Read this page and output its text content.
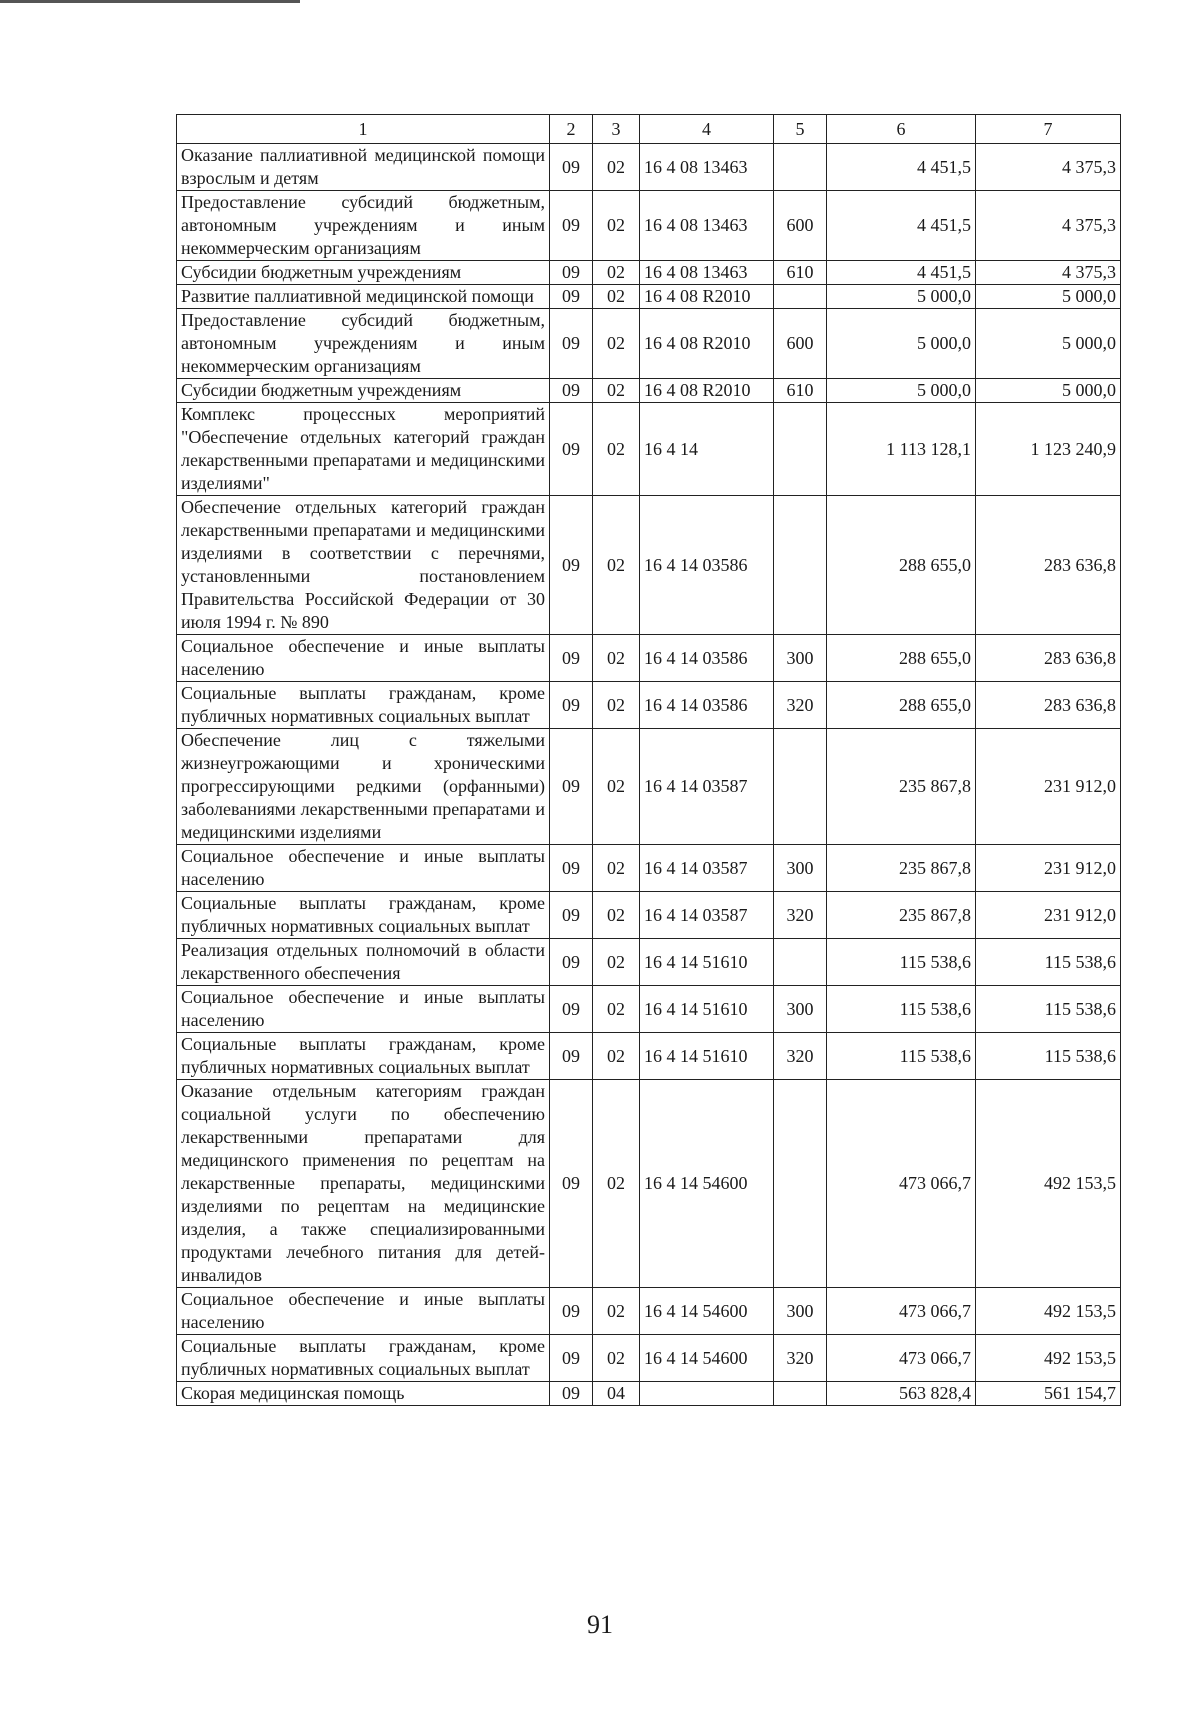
1	2	3	4	5	6	7
Оказание паллиативной медицинской помощи взрослым и детям	09	02	16 4 08 13463		4 451,5	4 375,3
Предоставление субсидий бюджетным, автономным учреждениям и иным некоммерческим организациям	09	02	16 4 08 13463	600	4 451,5	4 375,3
Субсидии бюджетным учреждениям	09	02	16 4 08 13463	610	4 451,5	4 375,3
Развитие паллиативной медицинской помощи	09	02	16 4 08 R2010		5 000,0	5 000,0
Предоставление субсидий бюджетным, автономным учреждениям и иным некоммерческим организациям	09	02	16 4 08 R2010	600	5 000,0	5 000,0
Субсидии бюджетным учреждениям	09	02	16 4 08 R2010	610	5 000,0	5 000,0
Комплекс процессных мероприятий "Обеспечение отдельных категорий граждан лекарственными препаратами и медицинскими изделиями"	09	02	16 4 14		1 113 128,1	1 123 240,9
Обеспечение отдельных категорий граждан лекарственными препаратами и медицинскими изделиями в соответствии с перечнями, установленными постановлением Правительства Российской Федерации от 30 июля 1994 г. № 890	09	02	16 4 14 03586		288 655,0	283 636,8
Социальное обеспечение и иные выплаты населению	09	02	16 4 14 03586	300	288 655,0	283 636,8
Социальные выплаты гражданам, кроме публичных нормативных социальных выплат	09	02	16 4 14 03586	320	288 655,0	283 636,8
Обеспечение лиц с тяжелыми жизнеугрожающими и хроническими прогрессирующими редкими (орфанными) заболеваниями лекарственными препаратами и медицинскими изделиями	09	02	16 4 14 03587		235 867,8	231 912,0
Социальное обеспечение и иные выплаты населению	09	02	16 4 14 03587	300	235 867,8	231 912,0
Социальные выплаты гражданам, кроме публичных нормативных социальных выплат	09	02	16 4 14 03587	320	235 867,8	231 912,0
Реализация отдельных полномочий в области лекарственного обеспечения	09	02	16 4 14 51610		115 538,6	115 538,6
Социальное обеспечение и иные выплаты населению	09	02	16 4 14 51610	300	115 538,6	115 538,6
Социальные выплаты гражданам, кроме публичных нормативных социальных выплат	09	02	16 4 14 51610	320	115 538,6	115 538,6
Оказание отдельным категориям граждан социальной услуги по обеспечению лекарственными препаратами для медицинского применения по рецептам на лекарственные препараты, медицинскими изделиями по рецептам на медицинские изделия, а также специализированными продуктами лечебного питания для детей-инвалидов	09	02	16 4 14 54600		473 066,7	492 153,5
Социальное обеспечение и иные выплаты населению	09	02	16 4 14 54600	300	473 066,7	492 153,5
Социальные выплаты гражданам, кроме публичных нормативных социальных выплат	09	02	16 4 14 54600	320	473 066,7	492 153,5
Скорая медицинская помощь	09	04			563 828,4	561 154,7
91
